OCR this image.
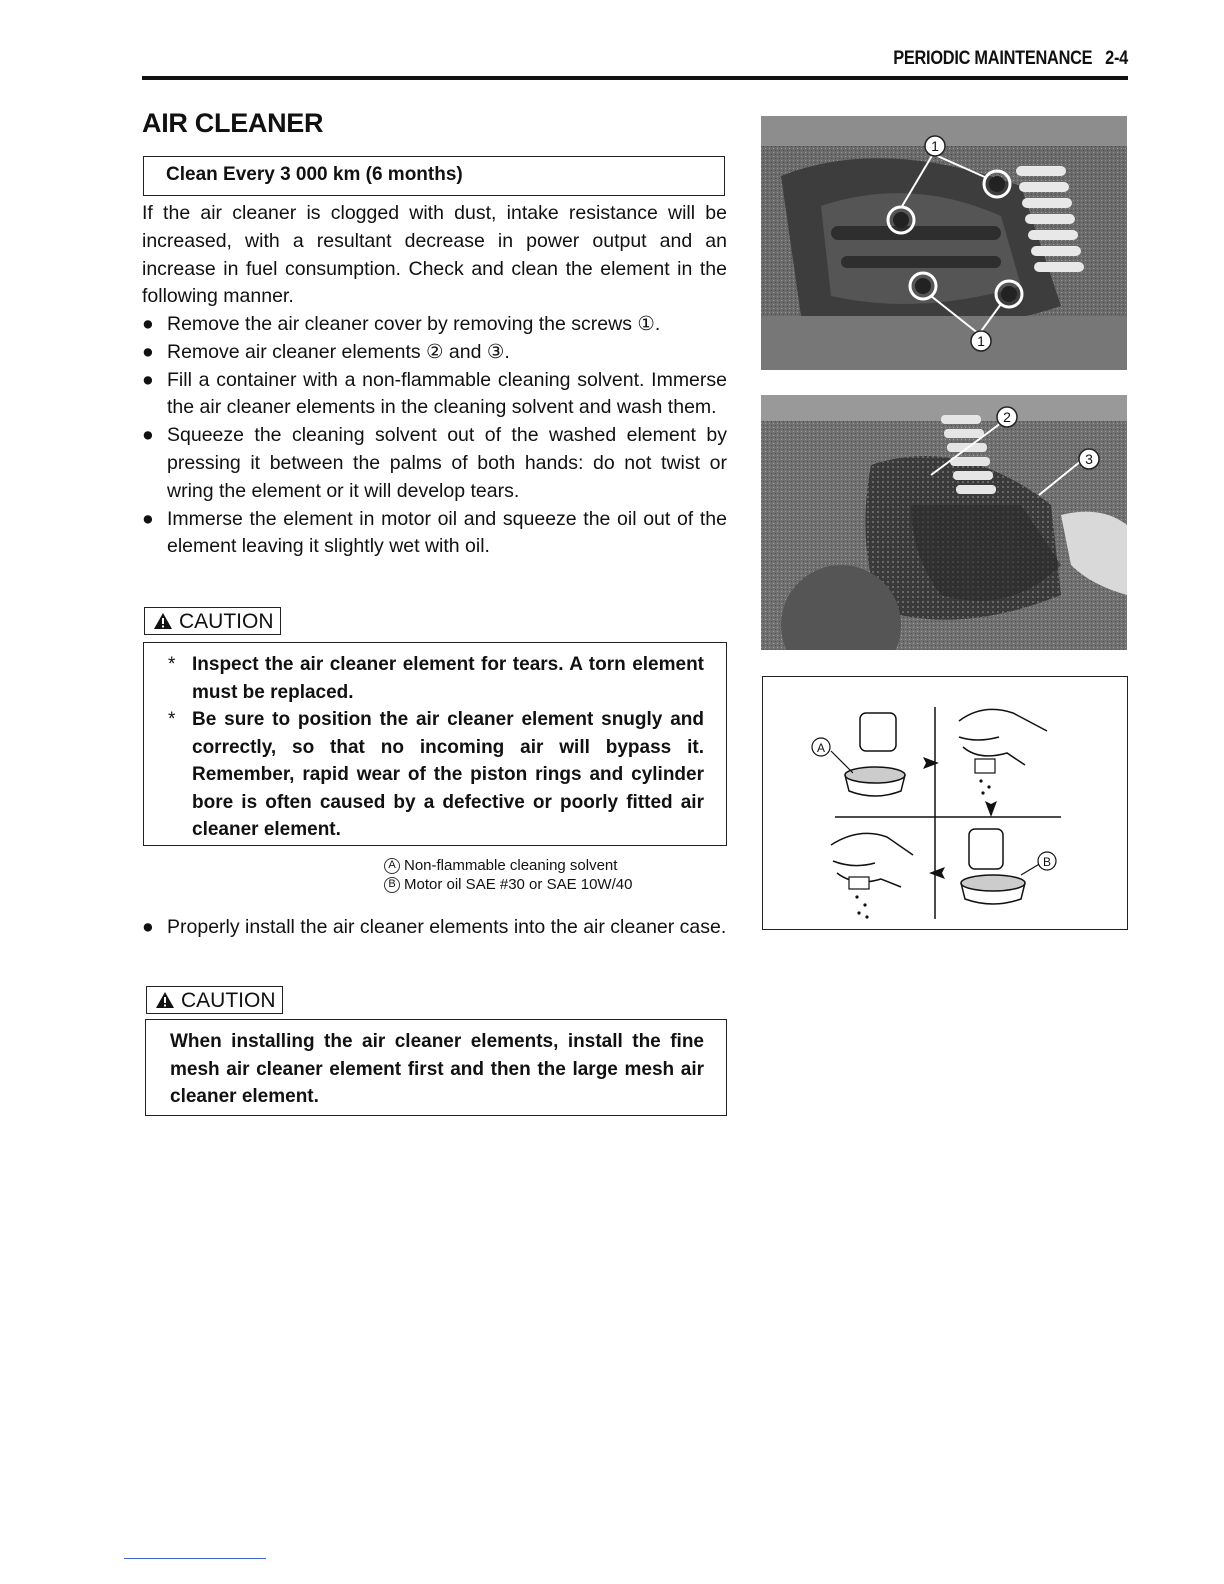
PERIODIC MAINTENANCE   2-4
AIR CLEANER
Clean Every 3 000 km (6 months)
If the air cleaner is clogged with dust, intake resistance will be increased, with a resultant decrease in power output and an increase in fuel consumption. Check and clean the element in the following manner.
● Remove the air cleaner cover by removing the screws ①.
● Remove air cleaner elements ② and ③.
● Fill a container with a non-flammable cleaning solvent. Immerse the air cleaner elements in the cleaning solvent and wash them.
● Squeeze the cleaning solvent out of the washed element by pressing it between the palms of both hands: do not twist or wring the element or it will develop tears.
● Immerse the element in motor oil and squeeze the oil out of the element leaving it slightly wet with oil.
CAUTION
* Inspect the air cleaner element for tears. A torn element must be replaced.
* Be sure to position the air cleaner element snugly and correctly, so that no incoming air will bypass it. Remember, rapid wear of the piston rings and cylinder bore is often caused by a defective or poorly fitted air cleaner element.
A Non-flammable cleaning solvent
B Motor oil SAE #30 or SAE 10W/40
● Properly install the air cleaner elements into the air cleaner case.
CAUTION

When installing the air cleaner elements, install the fine mesh air cleaner element first and then the large mesh air cleaner element.

1
1
2
3
A
B
